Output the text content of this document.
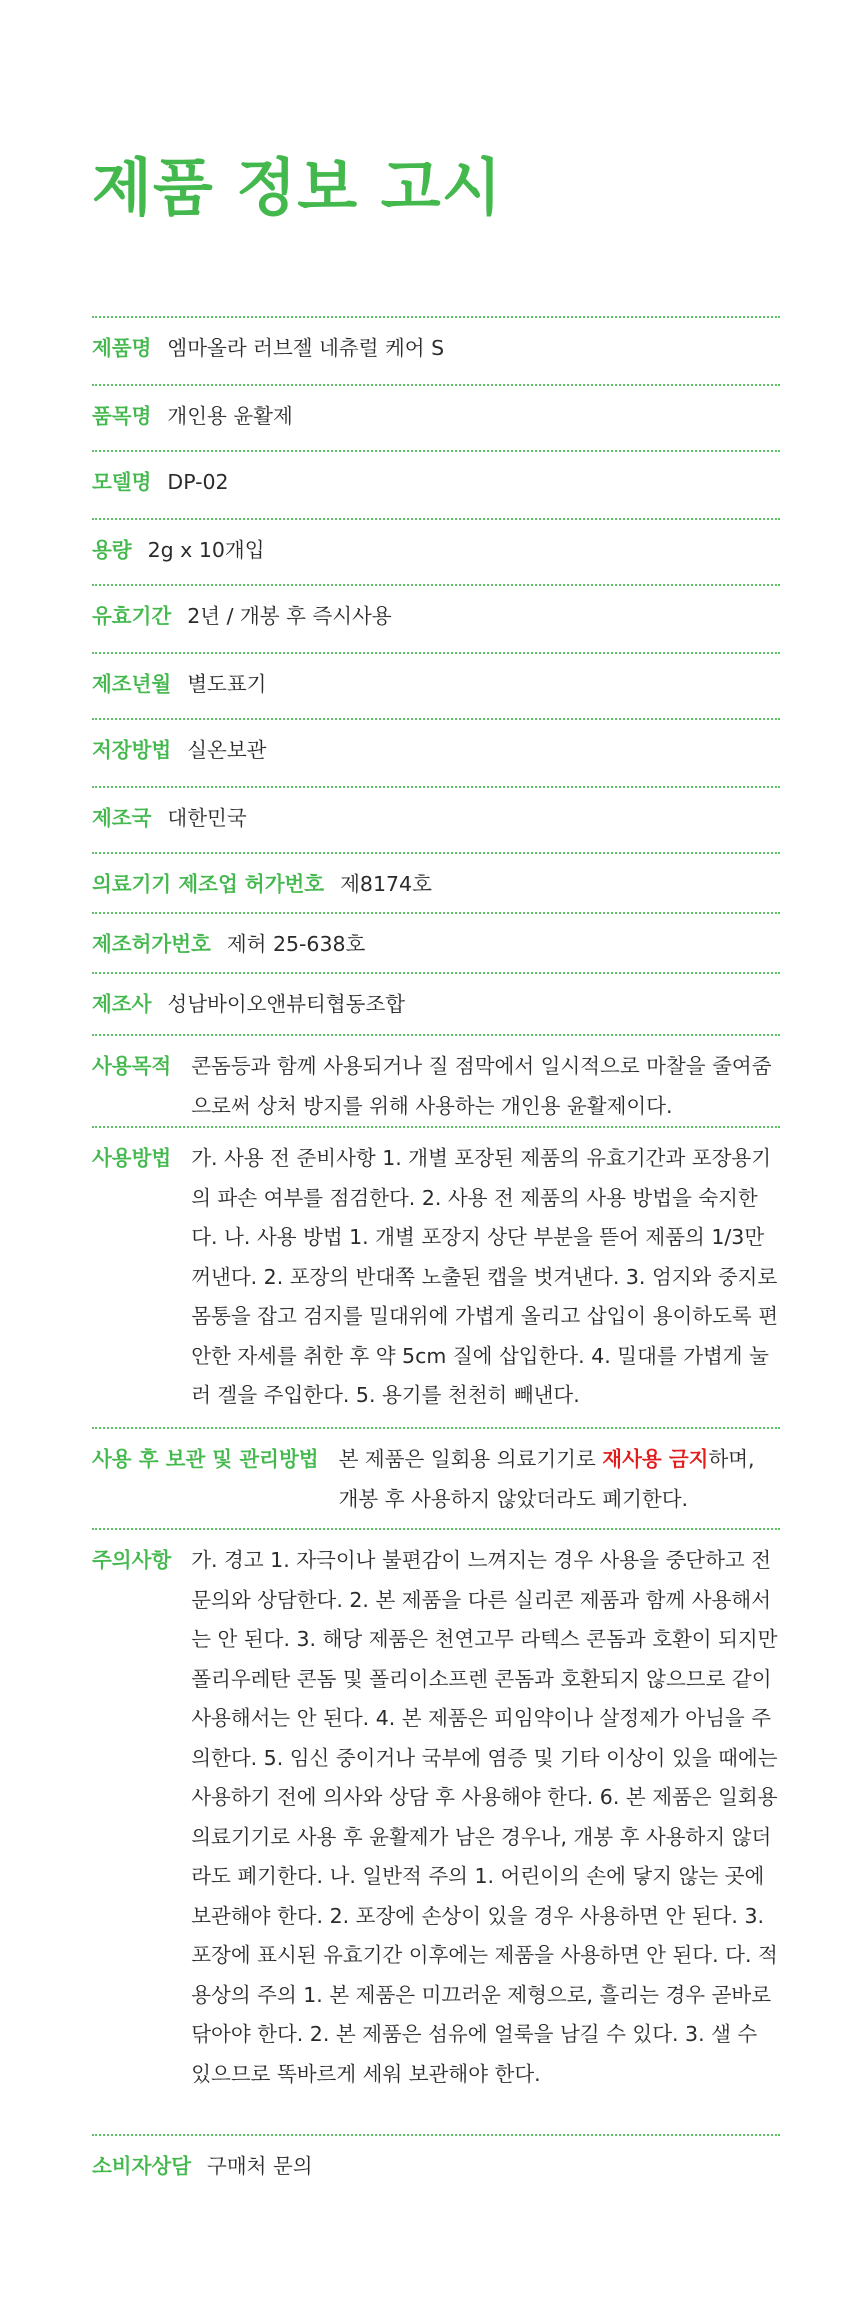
제품 정보 고시
제품명 엠마올라 러브젤 네츄럴 케어 S
품목명 개인용 윤활제
모델명 DP-02
용량 2g x 10개입
유효기간 2년 / 개봉 후 즉시사용
제조년월 별도표기
저장방법 실온보관
제조국 대한민국
의료기기 제조업 허가번호 제8174호
제조허가번호 제허 25-638호
제조사 성남바이오앤뷰티협동조합
사용목적 콘돔등과 함께 사용되거나 질 점막에서 일시적으로 마찰을 줄여줌으로써 상처 방지를 위해 사용하는 개인용 윤활제이다.
사용방법 가. 사용 전 준비사항 1. 개별 포장된 제품의 유효기간과 포장용기의 파손 여부를 점검한다. 2. 사용 전 제품의 사용 방법을 숙지한다. 나. 사용 방법 1. 개별 포장지 상단 부분을 뜯어 제품의 1/3만 꺼낸다. 2. 포장의 반대쪽 노출된 캡을 벗겨낸다. 3. 엄지와 중지로 몸통을 잡고 검지를 밀대위에 가볍게 올리고 삽입이 용이하도록 편안한 자세를 취한 후 약 5cm 질에 삽입한다. 4. 밀대를 가볍게 눌러 겔을 주입한다. 5. 용기를 천천히 빼낸다.
사용 후 보관 및 관리방법 본 제품은 일회용 의료기기로 재사용 금지하며, 개봉 후 사용하지 않았더라도 폐기한다.
주의사항 가. 경고 1. 자극이나 불편감이 느껴지는 경우 사용을 중단하고 전문의와 상담한다. 2. 본 제품을 다른 실리콘 제품과 함께 사용해서는 안 된다. 3. 해당 제품은 천연고무 라텍스 콘돔과 호환이 되지만 폴리우레탄 콘돔 및 폴리이소프렌 콘돔과 호환되지 않으므로 같이 사용해서는 안 된다. 4. 본 제품은 피임약이나 살정제가 아님을 주의한다. 5. 임신 중이거나 국부에 염증 및 기타 이상이 있을 때에는 사용하기 전에 의사와 상담 후 사용해야 한다. 6. 본 제품은 일회용 의료기기로 사용 후 윤활제가 남은 경우나, 개봉 후 사용하지 않더라도 폐기한다. 나. 일반적 주의 1. 어린이의 손에 닿지 않는 곳에 보관해야 한다. 2. 포장에 손상이 있을 경우 사용하면 안 된다. 3. 포장에 표시된 유효기간 이후에는 제품을 사용하면 안 된다. 다. 적용상의 주의 1. 본 제품은 미끄러운 제형으로, 흘리는 경우 곧바로 닦아야 한다. 2. 본 제품은 섬유에 얼룩을 남길 수 있다. 3. 샐 수 있으므로 똑바르게 세워 보관해야 한다.
소비자상담 구매처 문의
